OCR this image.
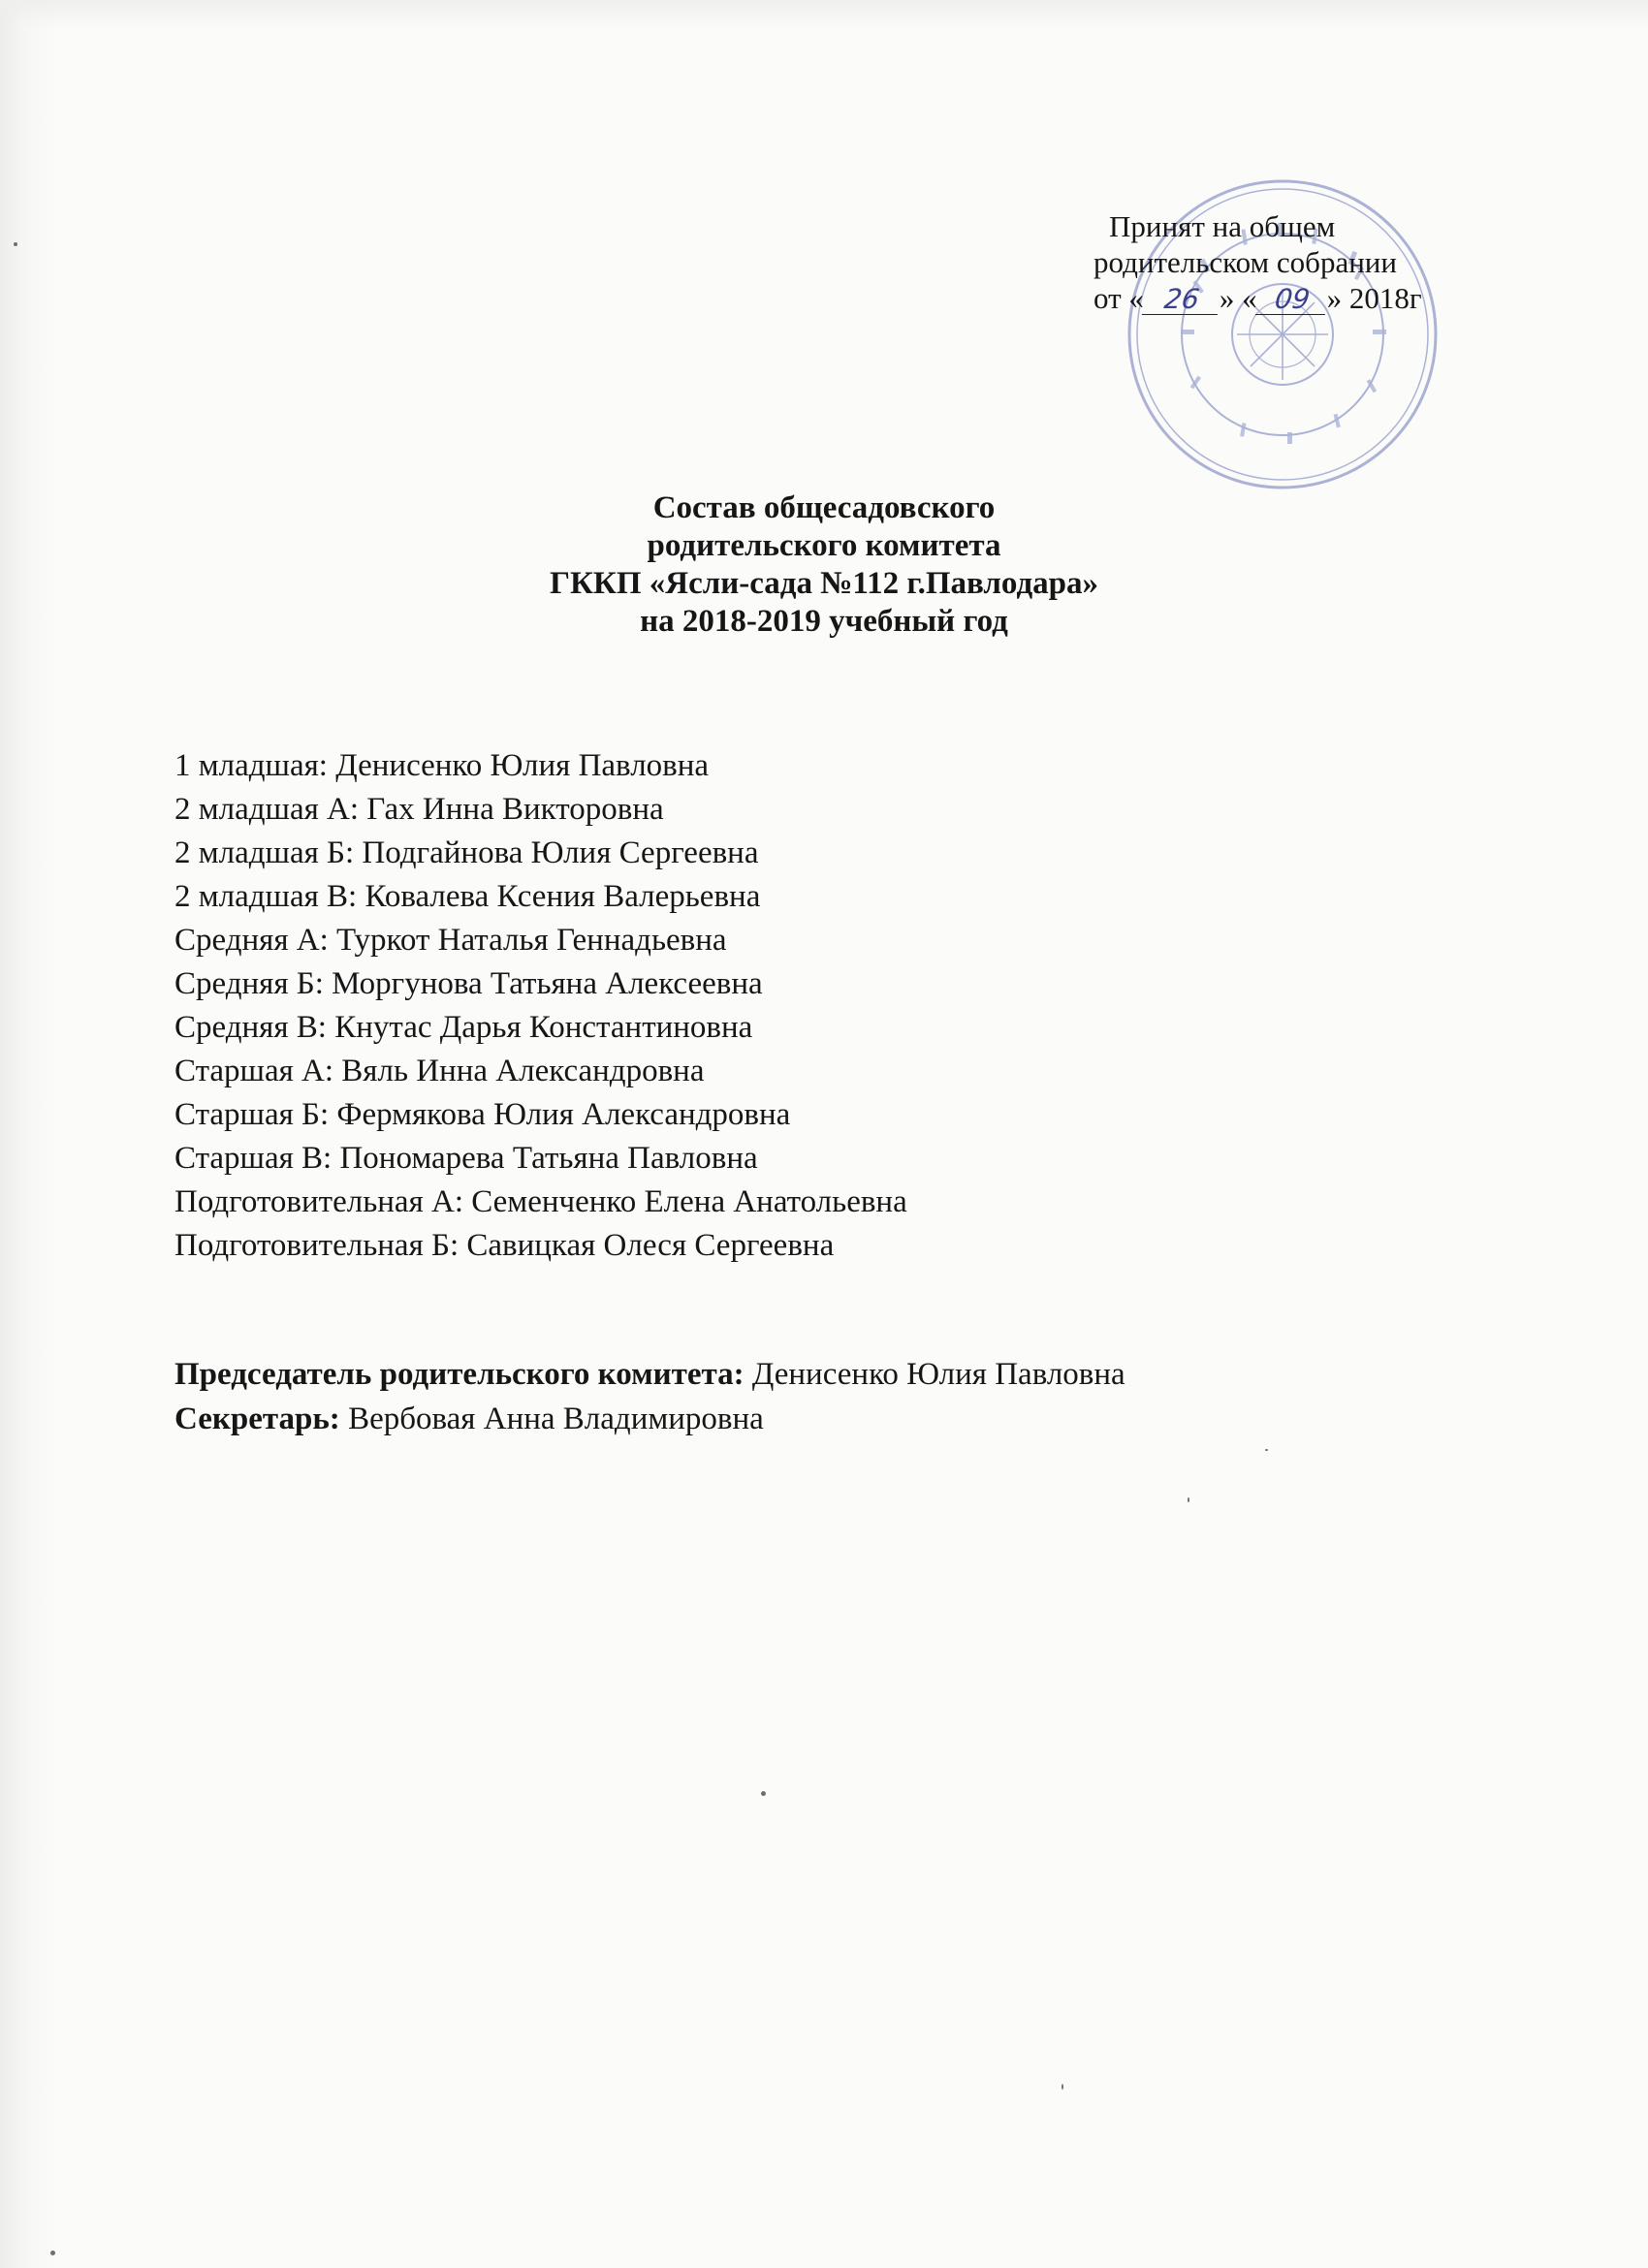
Принят на общем
родительском собрании
от « 26 » « 09 » 2018г
Состав общесадовского
родительского комитета
ГККП «Ясли-сада №112 г.Павлодара»
на 2018-2019 учебный год
1 младшая: Денисенко Юлия Павловна
2 младшая А: Гах Инна Викторовна
2 младшая Б: Подгайнова Юлия Сергеевна
2 младшая В: Ковалева Ксения Валерьевна
Средняя А: Туркот Наталья Геннадьевна
Средняя Б: Моргунова Татьяна Алексеевна
Средняя В: Кнутас Дарья Константиновна
Старшая А: Вяль Инна Александровна
Старшая Б: Фермякова Юлия Александровна
Старшая В: Пономарева Татьяна Павловна
Подготовительная А: Семенченко Елена Анатольевна
Подготовительная Б: Савицкая Олеся Сергеевна
Председатель родительского комитета: Денисенко Юлия Павловна
Секретарь: Вербовая Анна Владимировна
